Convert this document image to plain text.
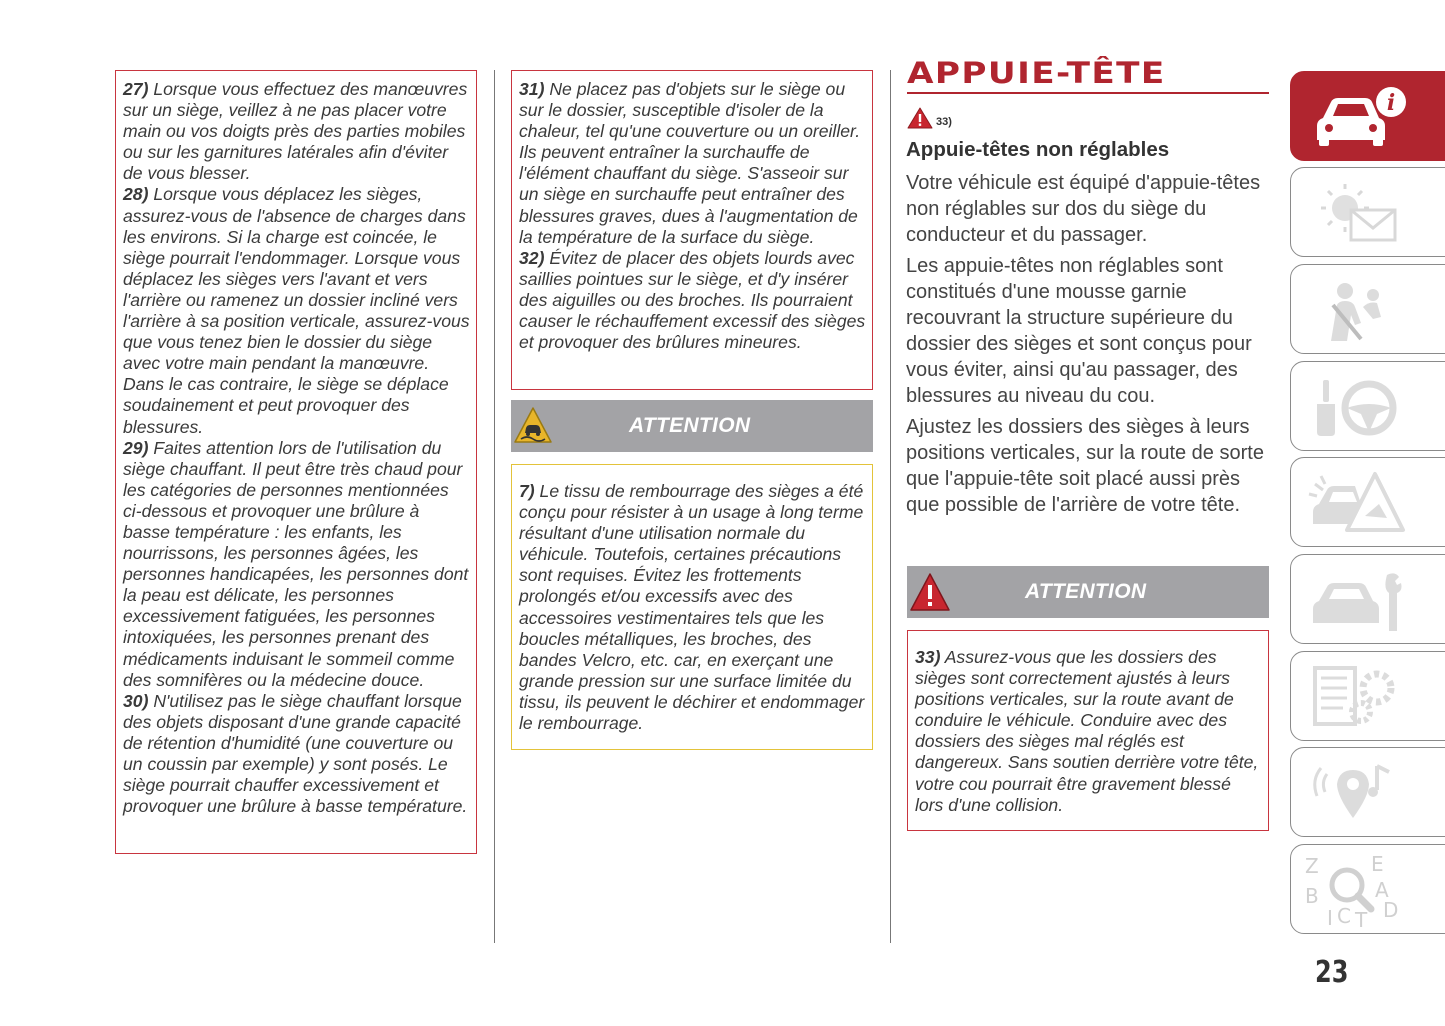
27) Lorsque vous effectuez des manœuvres sur un siège, veillez à ne pas placer votre main ou vos doigts près des parties mobiles ou sur les garnitures latérales afin d'éviter de vous blesser.

28) Lorsque vous déplacez les sièges, assurez-vous de l'absence de charges dans les environs. Si la charge est coincée, le siège pourrait l'endommager. Lorsque vous déplacez les sièges vers l'avant et vers l'arrière ou ramenez un dossier incliné vers l'arrière à sa position verticale, assurez-vous que vous tenez bien le dossier du siège avec votre main pendant la manœuvre. Dans le cas contraire, le siège se déplace soudainement et peut provoquer des blessures.

29) Faites attention lors de l'utilisation du siège chauffant. Il peut être très chaud pour les catégories de personnes mentionnées ci-dessous et provoquer une brûlure à basse température : les enfants, les nourrissons, les personnes âgées, les personnes handicapées, les personnes dont la peau est délicate, les personnes excessivement fatiguées, les personnes intoxiquées, les personnes prenant des médicaments induisant le sommeil comme des somnifères ou la médecine douce.

30) N'utilisez pas le siège chauffant lorsque des objets disposant d'une grande capacité de rétention d'humidité (une couverture ou un coussin par exemple) y sont posés. Le siège pourrait chauffer excessivement et provoquer une brûlure à basse température.

31) Ne placez pas d'objets sur le siège ou sur le dossier, susceptible d'isoler de la chaleur, tel qu'une couverture ou un oreiller. Ils peuvent entraîner la surchauffe de l'élément chauffant du siège. S'asseoir sur un siège en surchauffe peut entraîner des blessures graves, dues à l'augmentation de la température de la surface du siège.

32) Évitez de placer des objets lourds avec saillies pointues sur le siège, et d'y insérer des aiguilles ou des broches. Ils pourraient causer le réchauffement excessif des sièges et provoquer des brûlures mineures.

ATTENTION

7) Le tissu de rembourrage des sièges a été conçu pour résister à un usage à long terme résultant d'une utilisation normale du véhicule. Toutefois, certaines précautions sont requises. Évitez les frottements prolongés et/ou excessifs avec des accessoires vestimentaires tels que les boucles métalliques, les broches, des bandes Velcro, etc. car, en exerçant une grande pression sur une surface limitée du tissu, ils peuvent le déchirer et endommager le rembourrage.

APPUIE-TÊTE
33)
Appuie-têtes non réglables

Votre véhicule est équipé d'appuie-têtes non réglables sur dos du siège du conducteur et du passager.

Les appuie-têtes non réglables sont constitués d'une mousse garnie recouvrant la structure supérieure du dossier des sièges et sont conçus pour vous éviter, ainsi qu'au passager, des blessures au niveau du cou.

Ajustez les dossiers des sièges à leurs positions verticales, sur la route de sorte que l'appuie-tête soit placé aussi près que possible de l'arrière de votre tête.

ATTENTION

33) Assurez-vous que les dossiers des sièges sont correctement ajustés à leurs positions verticales, sur la route avant de conduire le véhicule. Conduire avec des dossiers des sièges mal réglés est dangereux. Sans soutien derrière votre tête, votre cou pourrait être gravement blessé lors d'une collision.

i
Z	E
B	A
I C T D
23
